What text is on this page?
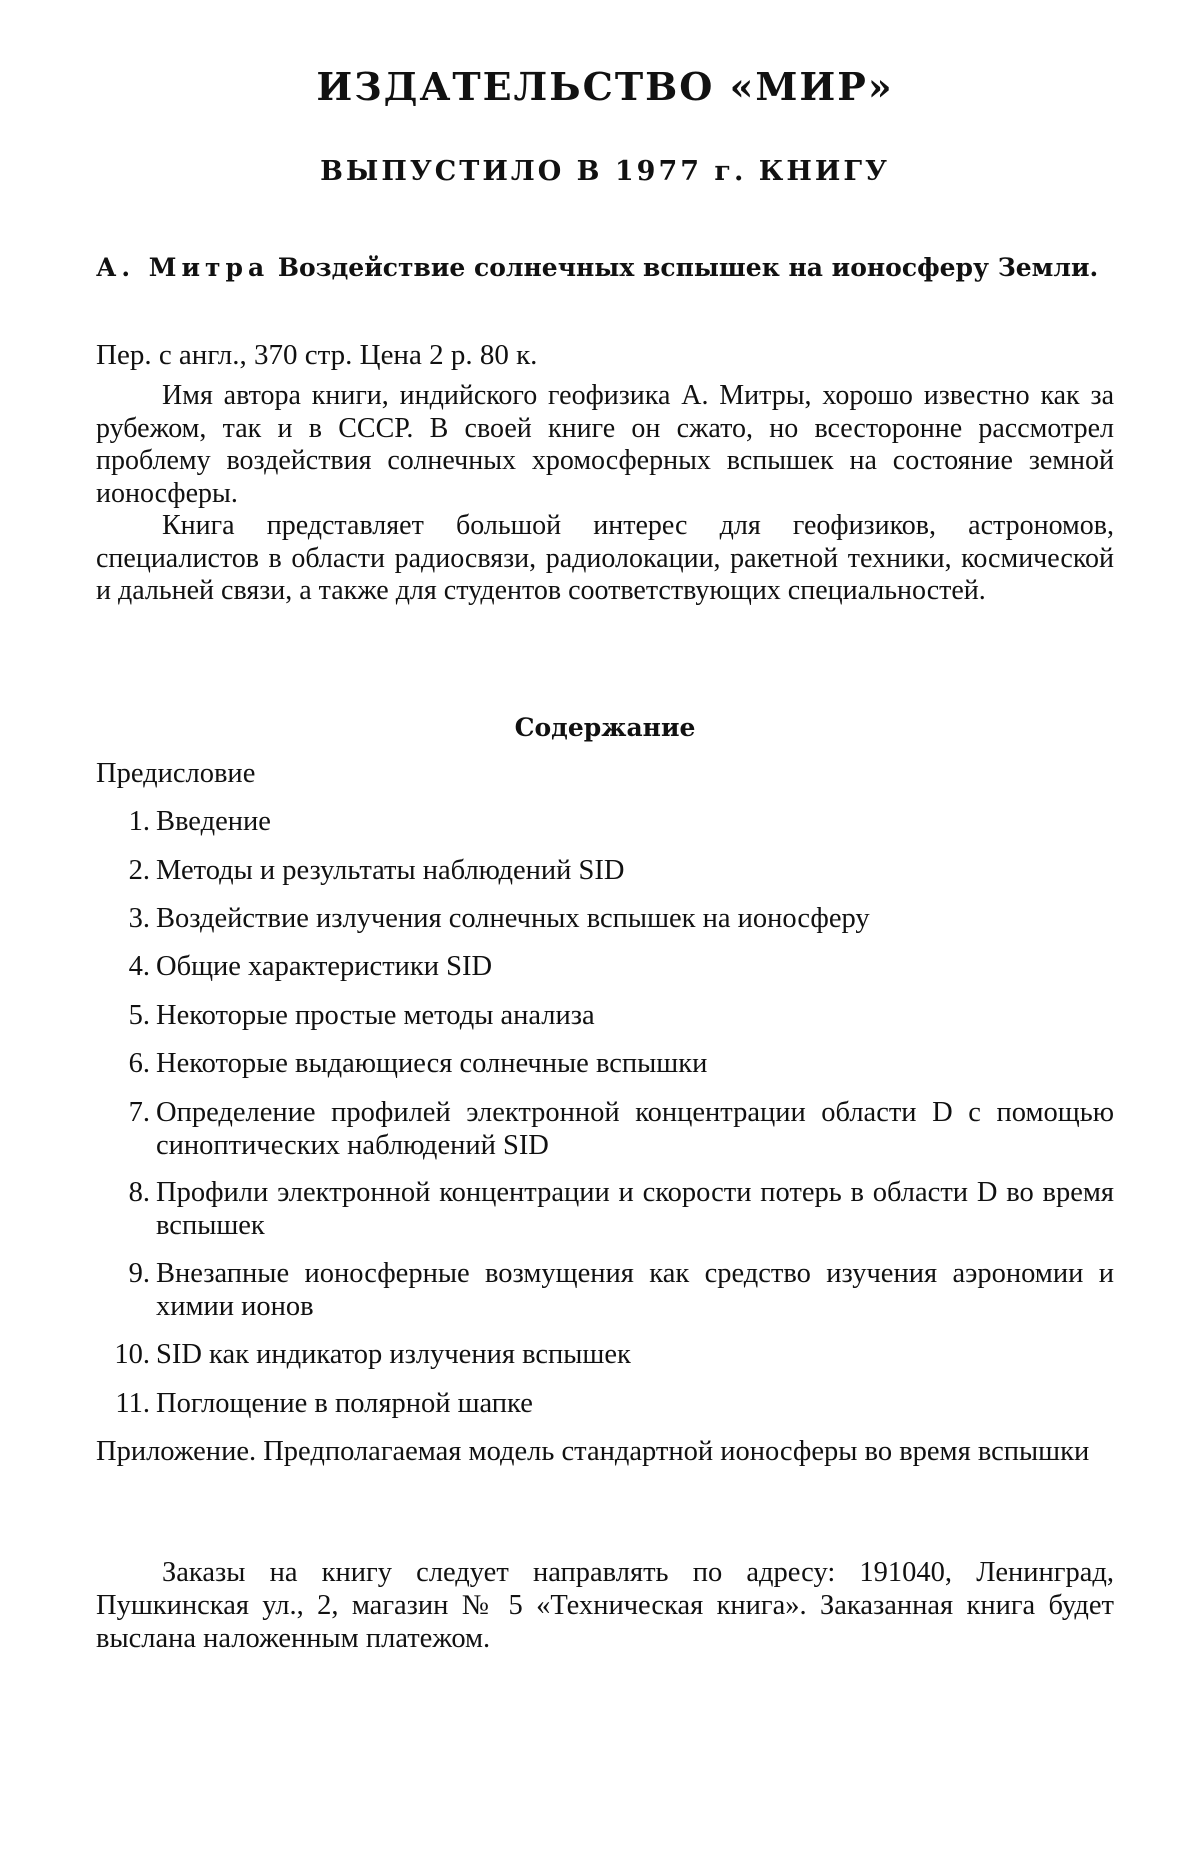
ИЗДАТЕЛЬСТВО «МИР»
ВЫПУСТИЛО В 1977 г. КНИГУ
А. Митра Воздействие солнечных вспышек на ионосферу Земли.
Пер. с англ., 370 стр. Цена 2 р. 80 к.

Имя автора книги, индийского геофизика А. Митры, хорошо известно как за рубежом, так и в СССР. В своей книге он сжато, но всесторонне рассмотрел проблему воздействия солнечных хромосферных вспышек на состояние земной ионосферы.

Книга представляет большой интерес для геофизиков, астрономов, специалистов в области радиосвязи, радиолокации, ракетной техники, космической и дальней связи, а также для студентов соответствующих специальностей.

Содержание
Предисловие
1. Введение
2. Методы и результаты наблюдений SID
3. Воздействие излучения солнечных вспышек на ионосферу
4. Общие характеристики SID
5. Некоторые простые методы анализа
6. Некоторые выдающиеся солнечные вспышки
7. Определение профилей электронной концентрации области D с помощью синоптических наблюдений SID
8. Профили электронной концентрации и скорости потерь в области D во время вспышек
9. Внезапные ионосферные возмущения как средство изучения аэрономии и химии ионов
10. SID как индикатор излучения вспышек
11. Поглощение в полярной шапке
Приложение. Предполагаемая модель стандартной ионосферы во время вспышки

Заказы на книгу следует направлять по адресу: 191040, Ленинград, Пушкинская ул., 2, магазин № 5 «Техническая книга». Заказанная книга будет выслана наложенным платежом.
